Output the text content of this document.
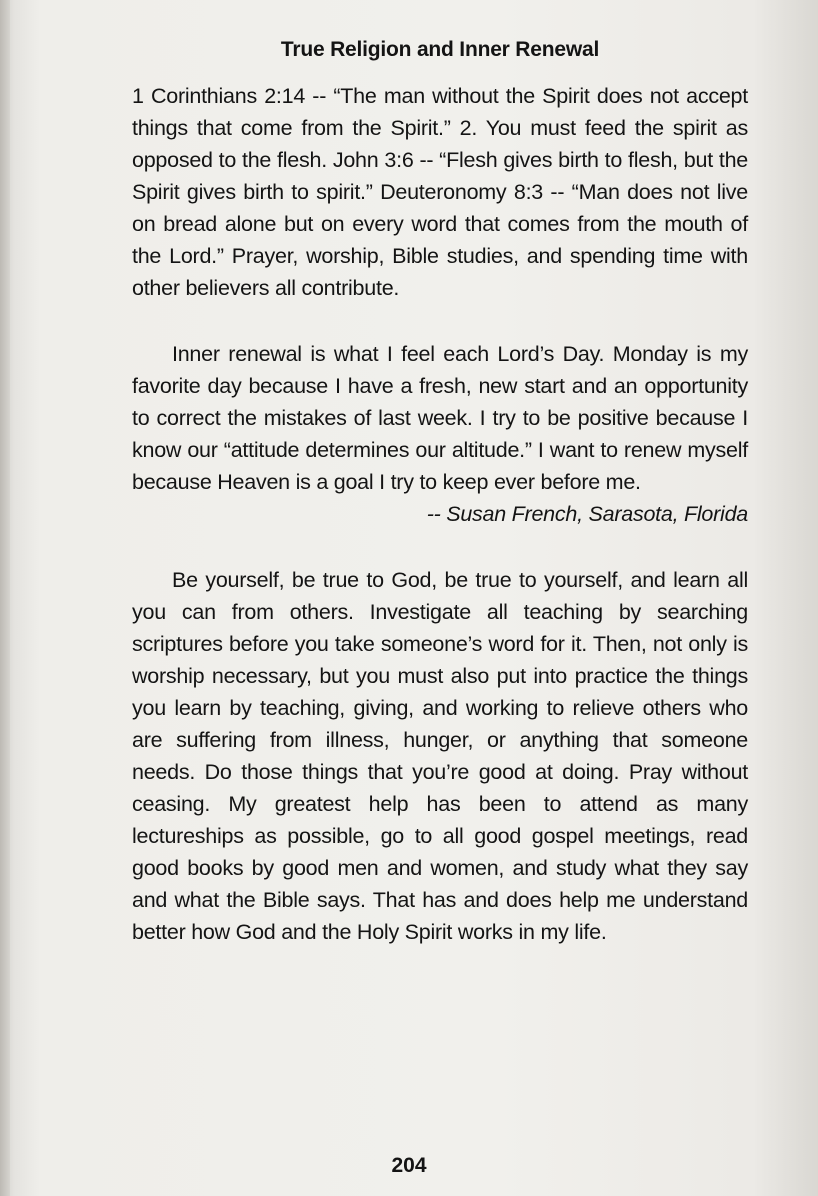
True Religion and Inner Renewal

1 Corinthians 2:14 -- “The man without the Spirit does not accept things that come from the Spirit.” 2. You must feed the spirit as opposed to the flesh. John 3:6 -- “Flesh gives birth to flesh, but the Spirit gives birth to spirit.” Deuteronomy 8:3 -- “Man does not live on bread alone but on every word that comes from the mouth of the Lord.” Prayer, worship, Bible studies, and spending time with other believers all contribute.

Inner renewal is what I feel each Lord’s Day. Monday is my favorite day because I have a fresh, new start and an opportunity to correct the mistakes of last week. I try to be positive because I know our “attitude determines our altitude.” I want to renew myself because Heaven is a goal I try to keep ever before me.

-- Susan French, Sarasota, Florida

Be yourself, be true to God, be true to yourself, and learn all you can from others. Investigate all teaching by searching scriptures before you take someone’s word for it. Then, not only is worship necessary, but you must also put into practice the things you learn by teaching, giving, and working to relieve others who are suffering from illness, hunger, or anything that someone needs. Do those things that you’re good at doing. Pray without ceasing. My greatest help has been to attend as many lectureships as possible, go to all good gospel meetings, read good books by good men and women, and study what they say and what the Bible says. That has and does help me understand better how God and the Holy Spirit works in my life.

204
